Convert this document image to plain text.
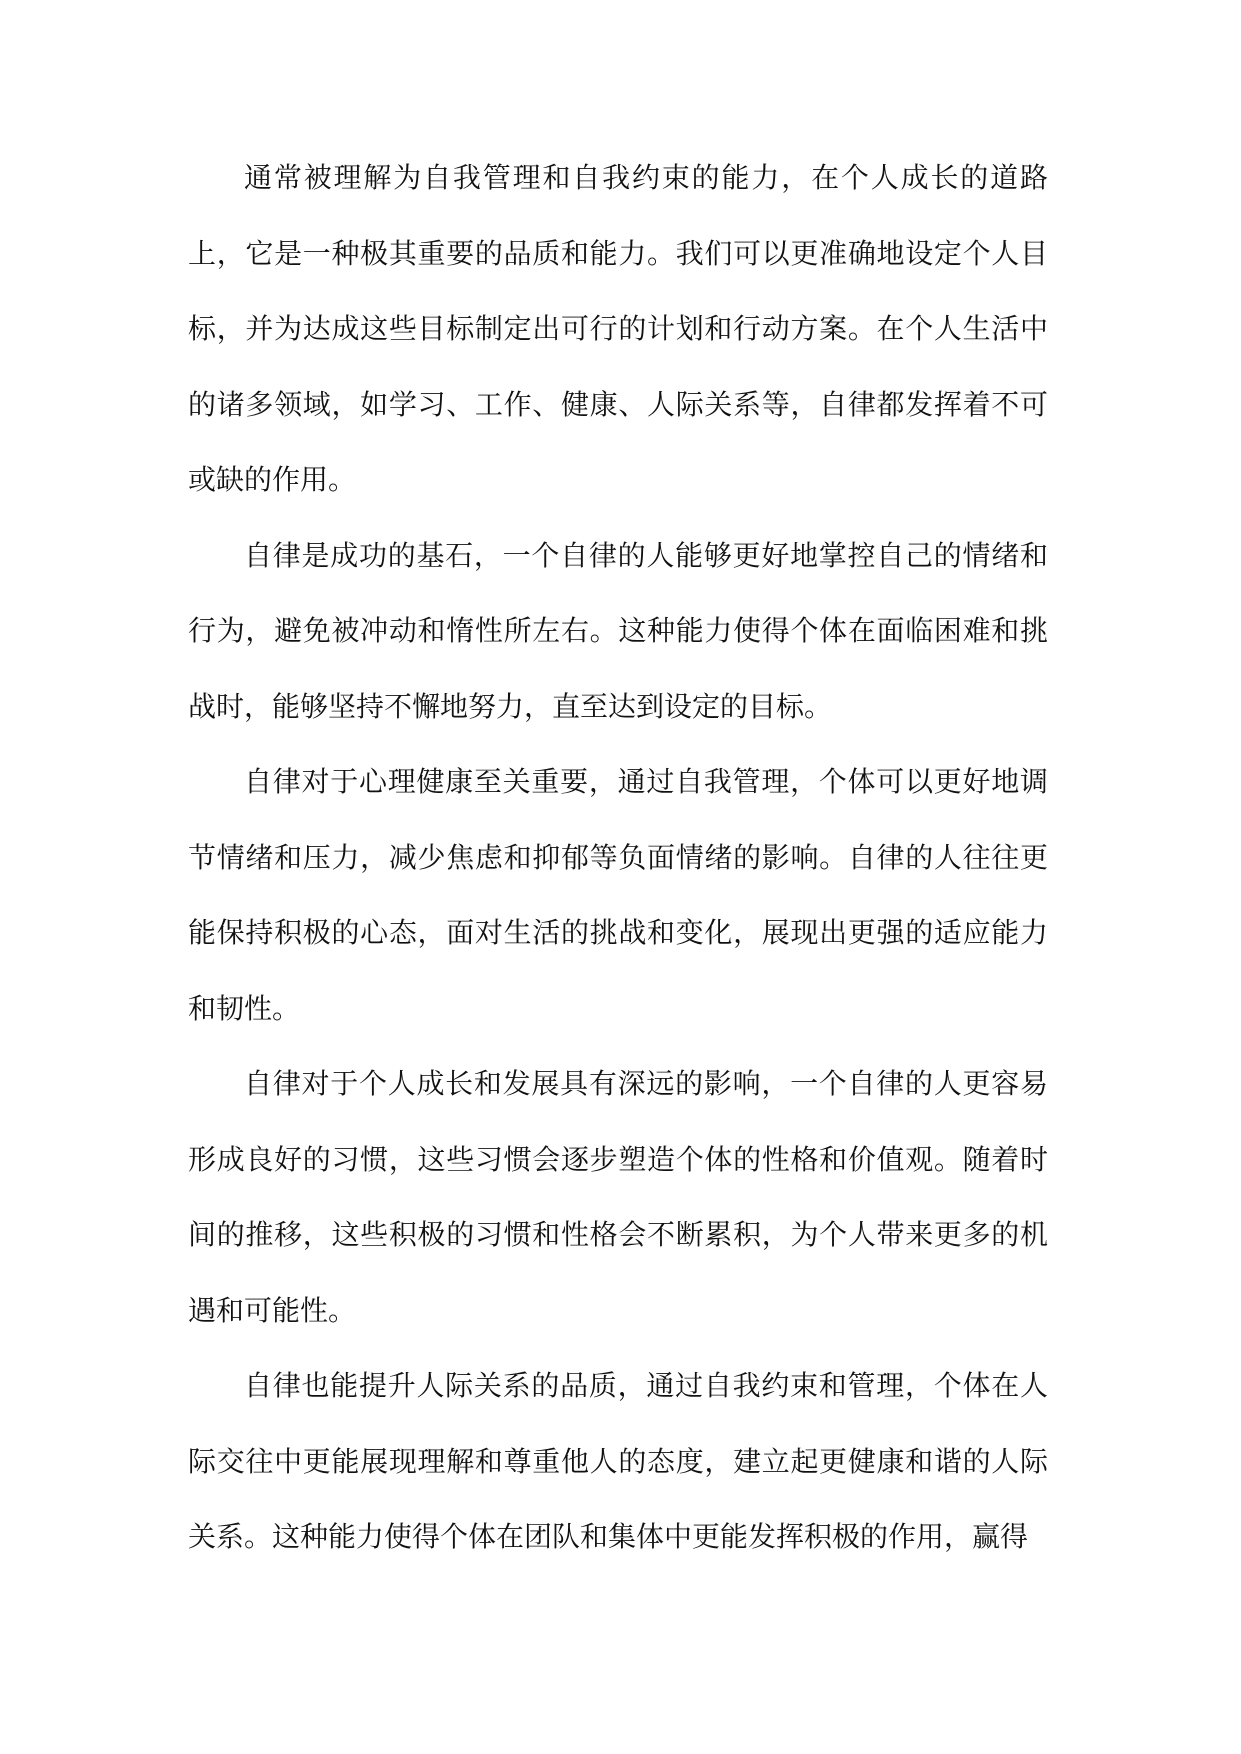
通常被理解为自我管理和自我约束的能力，在个人成长的道路上，它是一种极其重要的品质和能力。我们可以更准确地设定个人目标，并为达成这些目标制定出可行的计划和行动方案。在个人生活中的诸多领域，如学习、工作、健康、人际关系等，自律都发挥着不可或缺的作用。

自律是成功的基石，一个自律的人能够更好地掌控自己的情绪和行为，避免被冲动和惰性所左右。这种能力使得个体在面临困难和挑战时，能够坚持不懈地努力，直至达到设定的目标。

自律对于心理健康至关重要，通过自我管理，个体可以更好地调节情绪和压力，减少焦虑和抑郁等负面情绪的影响。自律的人往往更能保持积极的心态，面对生活的挑战和变化，展现出更强的适应能力和韧性。

自律对于个人成长和发展具有深远的影响，一个自律的人更容易形成良好的习惯，这些习惯会逐步塑造个体的性格和价值观。随着时间的推移，这些积极的习惯和性格会不断累积，为个人带来更多的机遇和可能性。

自律也能提升人际关系的品质，通过自我约束和管理，个体在人际交往中更能展现理解和尊重他人的态度，建立起更健康和谐的人际关系。这种能力使得个体在团队和集体中更能发挥积极的作用，赢得
